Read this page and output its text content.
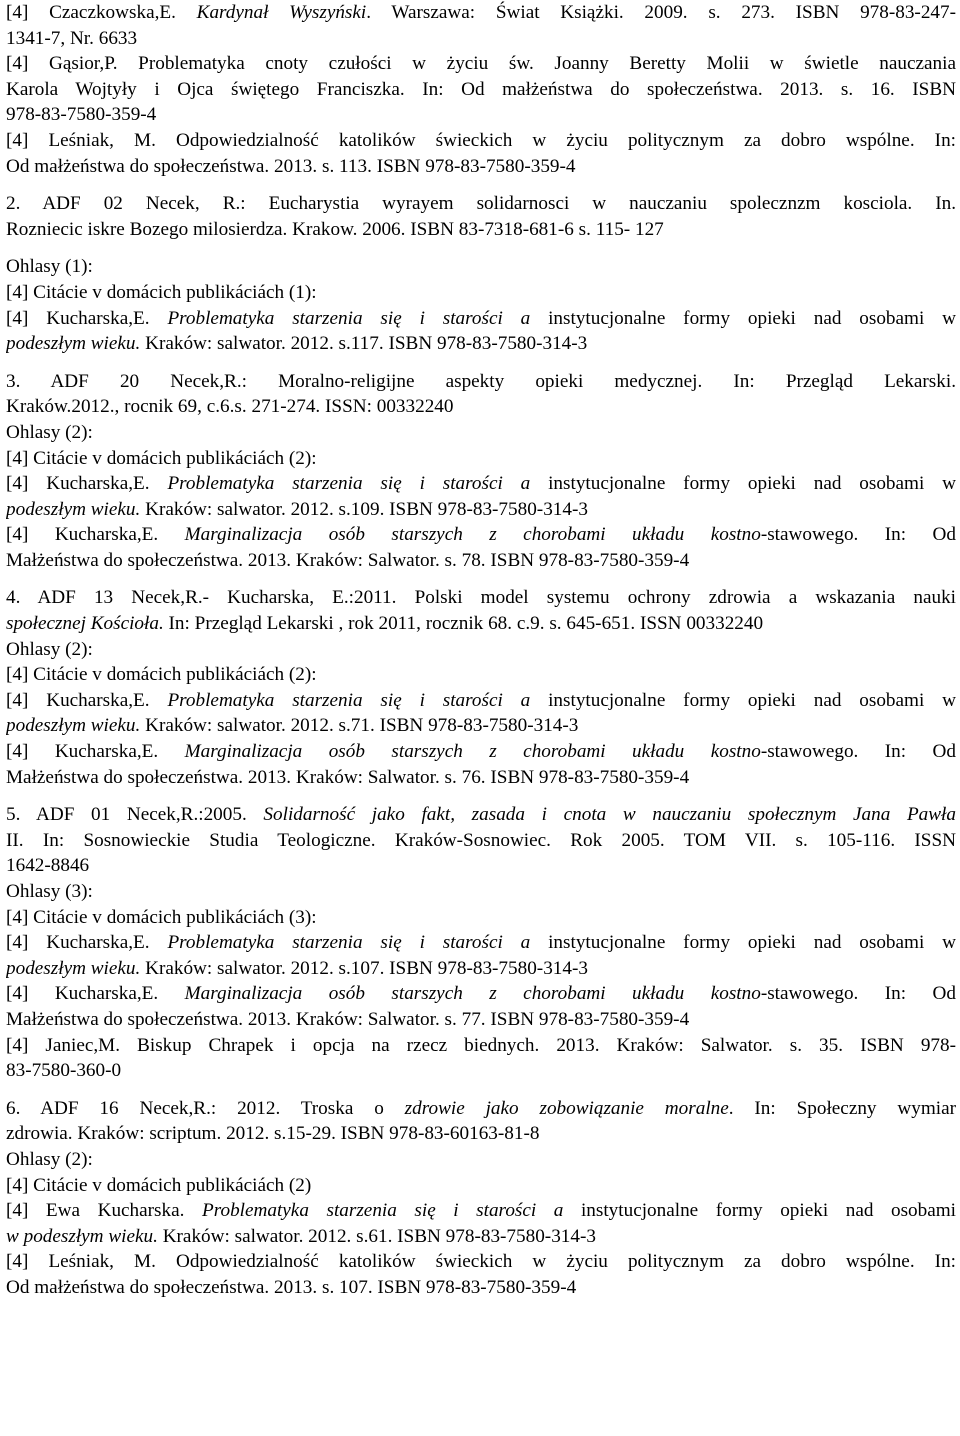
[4] Czaczkowska,E. Kardynał Wyszyński. Warszawa: Świat Książki. 2009. s. 273. ISBN 978-83-247-
1341-7, Nr. 6633
[4] Gąsior,P. Problematyka cnoty czułości w życiu św. Joanny Beretty Molii w świetle nauczania
Karola Wojtyły i Ojca świętego Franciszka. In: Od małżeństwa do społeczeństwa. 2013. s. 16. ISBN
978-83-7580-359-4
[4] Leśniak, M. Odpowiedzialność katolików świeckich w życiu politycznym za dobro wspólne. In:
Od małżeństwa do społeczeństwa. 2013. s. 113. ISBN 978-83-7580-359-4
2. ADF 02 Necek, R.: Eucharystia wyrayem solidarnosci w nauczaniu spolecznzm kosciola. In.
Rozniecic iskre Bozego milosierdza. Krakow. 2006. ISBN 83-7318-681-6 s. 115- 127
Ohlasy (1):
[4] Citácie v domácich publikáciách (1):
[4] Kucharska,E. Problematyka starzenia się i starości a instytucjonalne formy opieki nad osobami w
podeszłym wieku. Kraków: salwator. 2012. s.117. ISBN 978-83-7580-314-3
3. ADF 20 Necek,R.: Moralno-religijne aspekty opieki medycznej. In: Przegląd Lekarski.
Kraków.2012., rocnik 69, c.6.s. 271-274. ISSN: 00332240
Ohlasy (2):
[4] Citácie v domácich publikáciách (2):
[4] Kucharska,E. Problematyka starzenia się i starości a instytucjonalne formy opieki nad osobami w
podeszłym wieku. Kraków: salwator. 2012. s.109. ISBN 978-83-7580-314-3
[4] Kucharska,E. Marginalizacja osób starszych z chorobami układu kostno-stawowego. In: Od
Małżeństwa do społeczeństwa. 2013. Kraków: Salwator. s. 78. ISBN 978-83-7580-359-4
4. ADF 13 Necek,R.- Kucharska, E.:2011. Polski model systemu ochrony zdrowia a wskazania nauki
społecznej Kościoła. In: Przegląd Lekarski , rok 2011, rocznik 68. c.9. s. 645-651. ISSN 00332240
Ohlasy (2):
[4] Citácie v domácich publikáciách (2):
[4] Kucharska,E. Problematyka starzenia się i starości a instytucjonalne formy opieki nad osobami w
podeszłym wieku. Kraków: salwator. 2012. s.71. ISBN 978-83-7580-314-3
[4] Kucharska,E. Marginalizacja osób starszych z chorobami układu kostno-stawowego. In: Od
Małżeństwa do społeczeństwa. 2013. Kraków: Salwator. s. 76. ISBN 978-83-7580-359-4
5. ADF 01 Necek,R.:2005. Solidarność jako fakt, zasada i cnota w nauczaniu społecznym Jana Pawła
II. In: Sosnowieckie Studia Teologiczne. Kraków-Sosnowiec. Rok 2005. TOM VII. s. 105-116. ISSN
1642-8846
Ohlasy (3):
[4] Citácie v domácich publikáciách (3):
[4] Kucharska,E. Problematyka starzenia się i starości a instytucjonalne formy opieki nad osobami w
podeszłym wieku. Kraków: salwator. 2012. s.107. ISBN 978-83-7580-314-3
[4] Kucharska,E. Marginalizacja osób starszych z chorobami układu kostno-stawowego. In: Od
Małżeństwa do społeczeństwa. 2013. Kraków: Salwator. s. 77. ISBN 978-83-7580-359-4
[4] Janiec,M. Biskup Chrapek i opcja na rzecz biednych. 2013. Kraków: Salwator. s. 35. ISBN 978-
83-7580-360-0
6. ADF 16 Necek,R.: 2012. Troska o zdrowie jako zobowiązanie moralne. In: Społeczny wymiar
zdrowia. Kraków: scriptum. 2012. s.15-29. ISBN 978-83-60163-81-8
Ohlasy (2):
[4] Citácie v domácich publikáciách (2)
[4] Ewa Kucharska. Problematyka starzenia się i starości a instytucjonalne formy opieki nad osobami
w podeszłym wieku. Kraków: salwator. 2012. s.61. ISBN 978-83-7580-314-3
[4] Leśniak, M. Odpowiedzialność katolików świeckich w życiu politycznym za dobro wspólne. In:
Od małżeństwa do społeczeństwa. 2013. s. 107. ISBN 978-83-7580-359-4
